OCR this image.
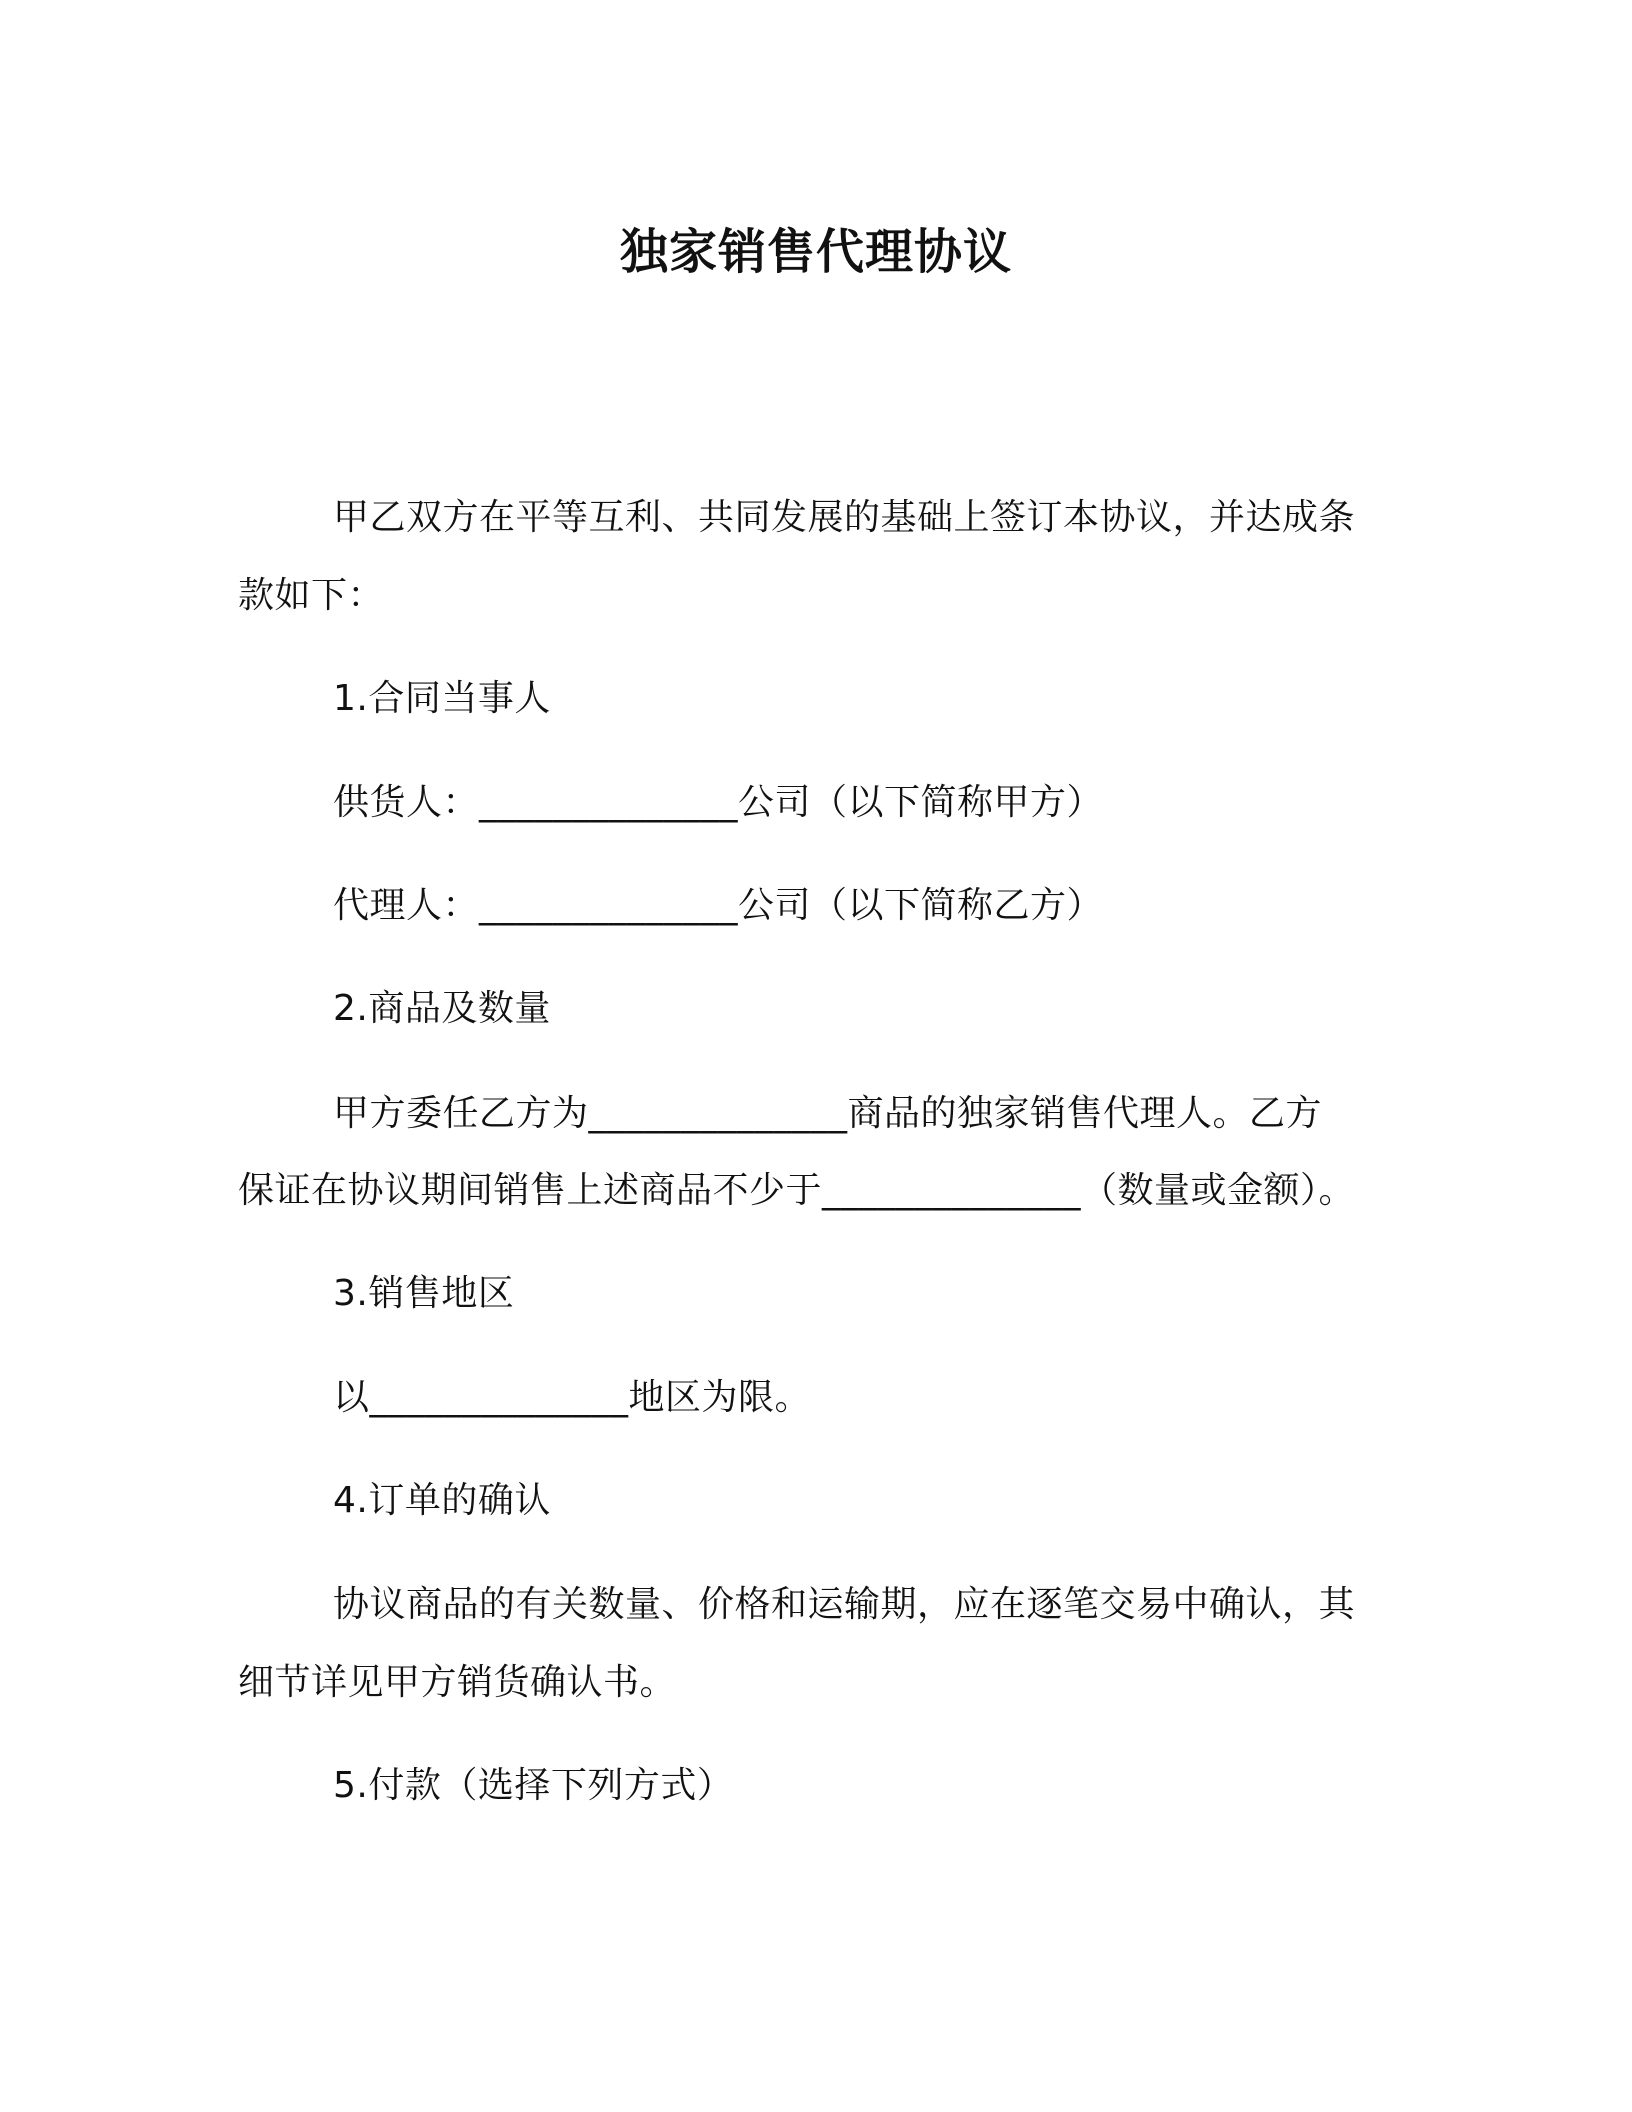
独家销售代理协议
甲乙双方在平等互利、共同发展的基础上签订本协议，并达成条
款如下：
1.合同当事人
供货人：______________公司（以下简称甲方）
代理人：______________公司（以下简称乙方）
2.商品及数量
甲方委任乙方为______________商品的独家销售代理人。乙方
保证在协议期间销售上述商品不少于______________（数量或金额）。
3.销售地区
以______________地区为限。
4.订单的确认
协议商品的有关数量、价格和运输期，应在逐笔交易中确认，其
细节详见甲方销货确认书。
5.付款（选择下列方式）
